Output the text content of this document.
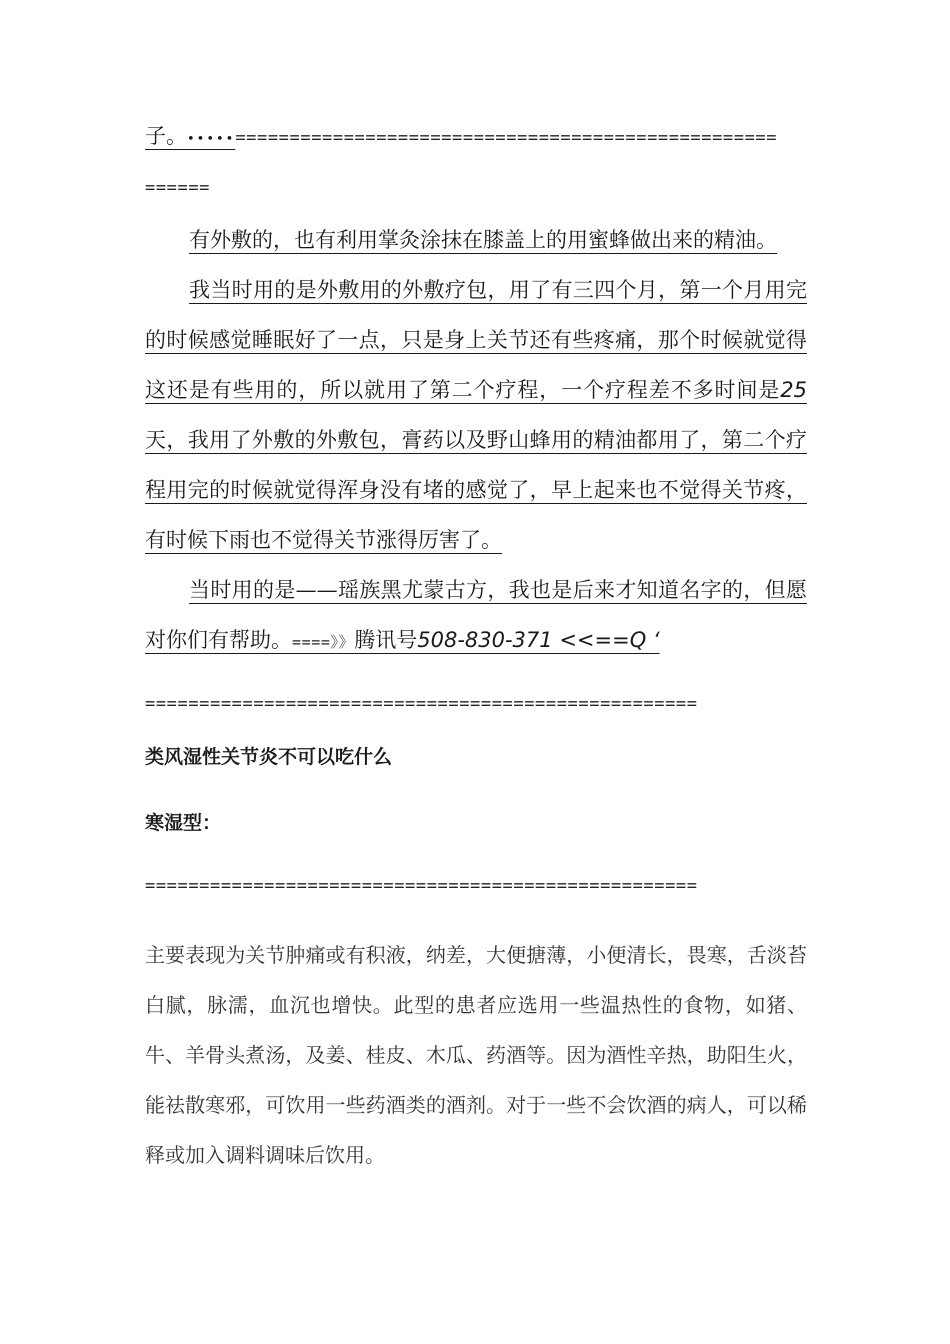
子。•••••==================================================
======

有外敷的，也有利用掌灸涂抹在膝盖上的用蜜蜂做出来的精油。

我当时用的是外敷用的外敷疗包，用了有三四个月，第一个月用完的时候感觉睡眠好了一点，只是身上关节还有些疼痛，那个时候就觉得这还是有些用的，所以就用了第二个疗程，一个疗程差不多时间是25天，我用了外敷的外敷包，膏药以及野山蜂用的精油都用了，第二个疗程用完的时候就觉得浑身没有堵的感觉了，早上起来也不觉得关节疼，有时候下雨也不觉得关节涨得厉害了。

当时用的是——瑶族黑尤蒙古方，我也是后来才知道名字的，但愿对你们有帮助。====》》腾讯号508-830-371 <<==Q ‘

===================================================
类风湿性关节炎不可以吃什么
寒湿型：
===================================================

主要表现为关节肿痛或有积液，纳差，大便搪薄，小便清长，畏寒，舌淡苔白腻，脉濡，血沉也增快。此型的患者应选用一些温热性的食物，如猪、牛、羊骨头煮汤，及姜、桂皮、木瓜、药酒等。因为酒性辛热，助阳生火，能祛散寒邪，可饮用一些药酒类的酒剂。对于一些不会饮酒的病人，可以稀释或加入调料调味后饮用。
